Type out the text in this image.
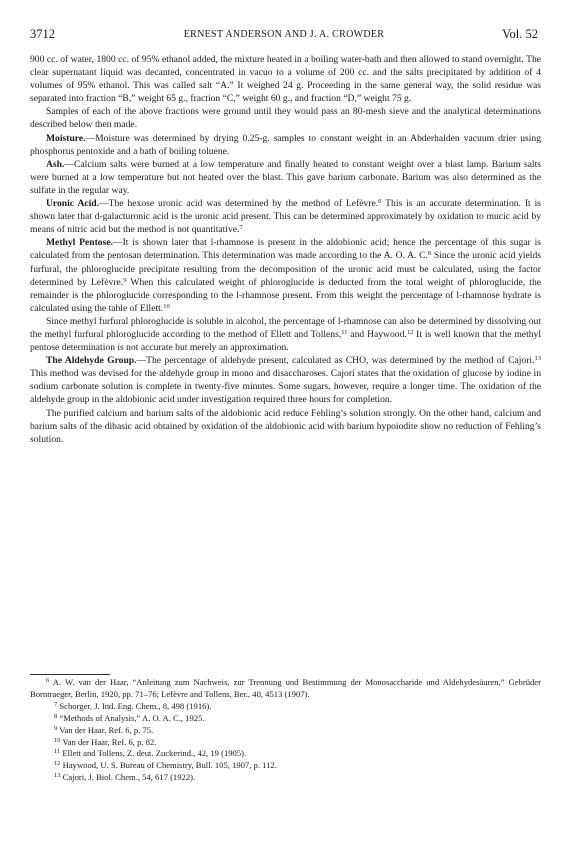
3712	ERNEST ANDERSON AND J. A. CROWDER	Vol. 52

900 cc. of water, 1800 cc. of 95% ethanol added, the mixture heated in a boiling water-bath and then allowed to stand overnight. The clear supernatant liquid was decanted, concentrated in vacuo to a volume of 200 cc. and the salts precipitated by addition of 4 volumes of 95% ethanol. This was called salt “A.” It weighed 24 g. Proceeding in the same general way, the solid residue was separated into fraction “B,” weight 65 g., fraction “C,” weight 60 g., and fraction “D,” weight 75 g.

Samples of each of the above fractions were ground until they would pass an 80-mesh sieve and the analytical determinations described below then made.

Moisture.—Moisture was determined by drying 0.25-g. samples to constant weight in an Abderhalden vacuum drier using phosphorus pentoxide and a bath of boiling toluene.

Ash.—Calcium salts were burned at a low temperature and finally heated to constant weight over a blast lamp. Barium salts were burned at a low temperature but not heated over the blast. This gave barium carbonate. Barium was also determined as the sulfate in the regular way.

Uronic Acid.—The hexose uronic acid was determined by the method of Lefèvre.$^6$ This is an accurate determination. It is shown later that d-galacturonic acid is the uronic acid present. This can be determined approximately by oxidation to mucic acid by means of nitric acid but the method is not quantitative.$^7$

Methyl Pentose.—It is shown later that l-rhamnose is present in the aldobionic acid; hence the percentage of this sugar is calculated from the pentosan determination. This determination was made according to the A. O. A. C.$^8$ Since the uronic acid yields furfural, the phloroglucide precipitate resulting from the decomposition of the uronic acid must be calculated, using the factor determined by Lefèvre.$^9$ When this calculated weight of phloroglucide is deducted from the total weight of phloroglucide, the remainder is the phloroglucide corresponding to the l-rhamnose present. From this weight the percentage of l-rhamnose hydrate is calculated using the table of Ellett.$^{10}$

Since methyl furfural phloroglucide is soluble in alcohol, the percentage of l-rhamnose can also be determined by dissolving out the methyl furfural phloroglucide according to the method of Ellett and Tollens,$^{11}$ and Haywood.$^{12}$ It is well known that the methyl pentose determination is not accurate but merely an approximation.

The Aldehyde Group.—The percentage of aldehyde present, calculated as CHO, was determined by the method of Cajori.$^{13}$ This method was devised for the aldehyde group in mono and disaccharoses. Cajori states that the oxidation of glucose by iodine in sodium carbonate solution is complete in twenty-five minutes. Some sugars, however, require a longer time. The oxidation of the aldehyde group in the aldobionic acid under investigation required three hours for completion.

The purified calcium and barium salts of the aldobionic acid reduce Fehling’s solution strongly. On the other hand, calcium and barium salts of the dibasic acid obtained by oxidation of the aldobionic acid with barium hypoiodite show no reduction of Fehling’s solution.

$^6$ A. W. van der Haar, “Anleitung zum Nachweis, zur Trennung und Bestimmung der Monosaccharide und Aldehydesäuren,” Gebrüder Borntraeger, Berlin, 1920, pp. 71–76; Lefèvre and Tollens, Ber., 40, 4513 (1907).

$^7$ Schorger, J. Ind. Eng. Chem., 8, 498 (1916).

$^8$ “Methods of Analysis,” A. O. A. C., 1925.

$^9$ Van der Haar, Ref. 6, p. 75.

$^{10}$ Van der Haar, Ref. 6, p. 82.

$^{11}$ Ellett and Tollens, Z. deut. Zuckerind., 42, 19 (1905).

$^{12}$ Haywood, U. S. Bureau of Chemistry, Bull. 105, 1907, p. 112.

$^{13}$ Cajori, J. Biol. Chem., 54, 617 (1922).
